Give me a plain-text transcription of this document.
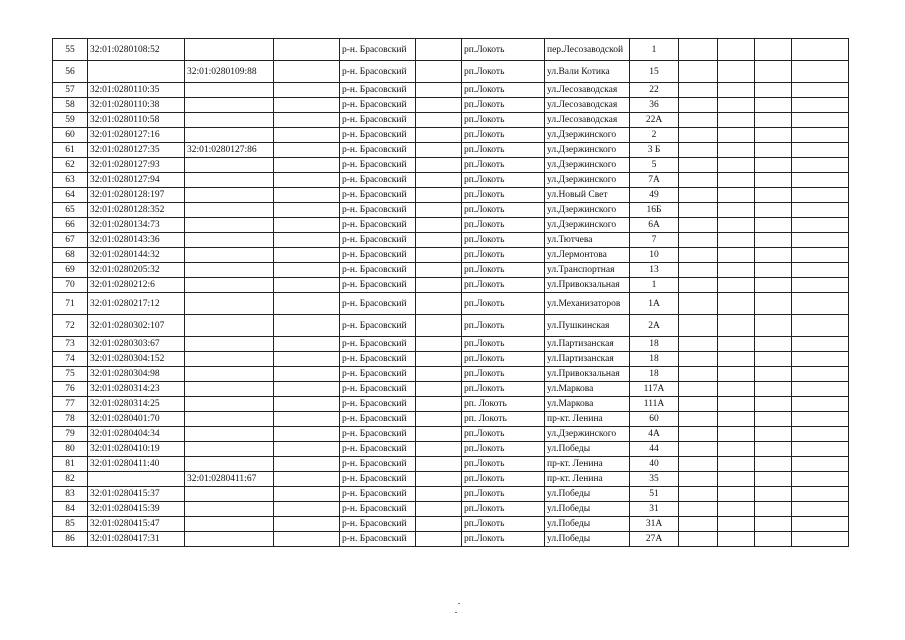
55	32:01:0280108:52			р-н. Брасовский		рп.Локоть	пер.Лесозаводской	1				
56		32:01:0280109:88		р-н. Брасовский		рп.Локоть	ул.Вали Котика	15				
57	32:01:0280110:35			р-н. Брасовский		рп.Локоть	ул.Лесозаводская	22				
58	32:01:0280110:38			р-н. Брасовский		рп.Локоть	ул.Лесозаводская	36				
59	32:01:0280110:58			р-н. Брасовский		рп.Локоть	ул.Лесозаводская	22А				
60	32:01:0280127:16			р-н. Брасовский		рп.Локоть	ул.Дзержинского	2				
61	32:01:0280127:35	32:01:0280127:86		р-н. Брасовский		рп.Локоть	ул.Дзержинского	3 Б				
62	32:01:0280127:93			р-н. Брасовский		рп.Локоть	ул.Дзержинского	5				
63	32:01:0280127:94			р-н. Брасовский		рп.Локоть	ул.Дзержинского	7А				
64	32:01:0280128:197			р-н. Брасовский		рп.Локоть	ул.Новый Свет	49				
65	32:01:0280128:352			р-н. Брасовский		рп.Локоть	ул.Дзержинского	16Б				
66	32:01:0280134:73			р-н. Брасовский		рп.Локоть	ул.Дзержинского	6А				
67	32:01:0280143:36			р-н. Брасовский		рп.Локоть	ул.Тютчева	7				
68	32:01:0280144:32			р-н. Брасовский		рп.Локоть	ул.Лермонтова	10				
69	32:01:0280205:32			р-н. Брасовский		рп.Локоть	ул.Транспортная	13				
70	32:01:0280212:6			р-н. Брасовский		рп.Локоть	ул.Привокзальная	1				
71	32:01:0280217:12			р-н. Брасовский		рп.Локоть	ул.Механизаторов	1А				
72	32:01:0280302:107			р-н. Брасовский		рп.Локоть	ул.Пушкинская	2А				
73	32:01:0280303:67			р-н. Брасовский		рп.Локоть	ул.Партизанская	18				
74	32:01:0280304:152			р-н. Брасовский		рп.Локоть	ул.Партизанская	18				
75	32:01:0280304:98			р-н. Брасовский		рп.Локоть	ул.Привокзальная	18				
76	32:01:0280314:23			р-н. Брасовский		рп.Локоть	ул.Маркова	117А				
77	32:01:0280314:25			р-н. Брасовский		рп. Локоть	ул.Маркова	111А				
78	32:01:0280401:70			р-н. Брасовский		рп. Локоть	пр-кт. Ленина	60				
79	32:01:0280404:34			р-н. Брасовский		рп.Локоть	ул.Дзержинского	4А				
80	32:01:0280410:19			р-н. Брасовский		рп.Локоть	ул.Победы	44				
81	32:01:0280411:40			р-н. Брасовский		рп.Локоть	пр-кт. Ленина	40				
82		32:01:0280411:67		р-н. Брасовский		рп.Локоть	пр-кт. Ленина	35				
83	32:01:0280415:37			р-н. Брасовский		рп.Локоть	ул.Победы	51				
84	32:01:0280415:39			р-н. Брасовский		рп.Локоть	ул.Победы	31				
85	32:01:0280415:47			р-н. Брасовский		рп.Локоть	ул.Победы	31А				
86	32:01:0280417:31			р-н. Брасовский		рп.Локоть	ул.Победы	27А				
